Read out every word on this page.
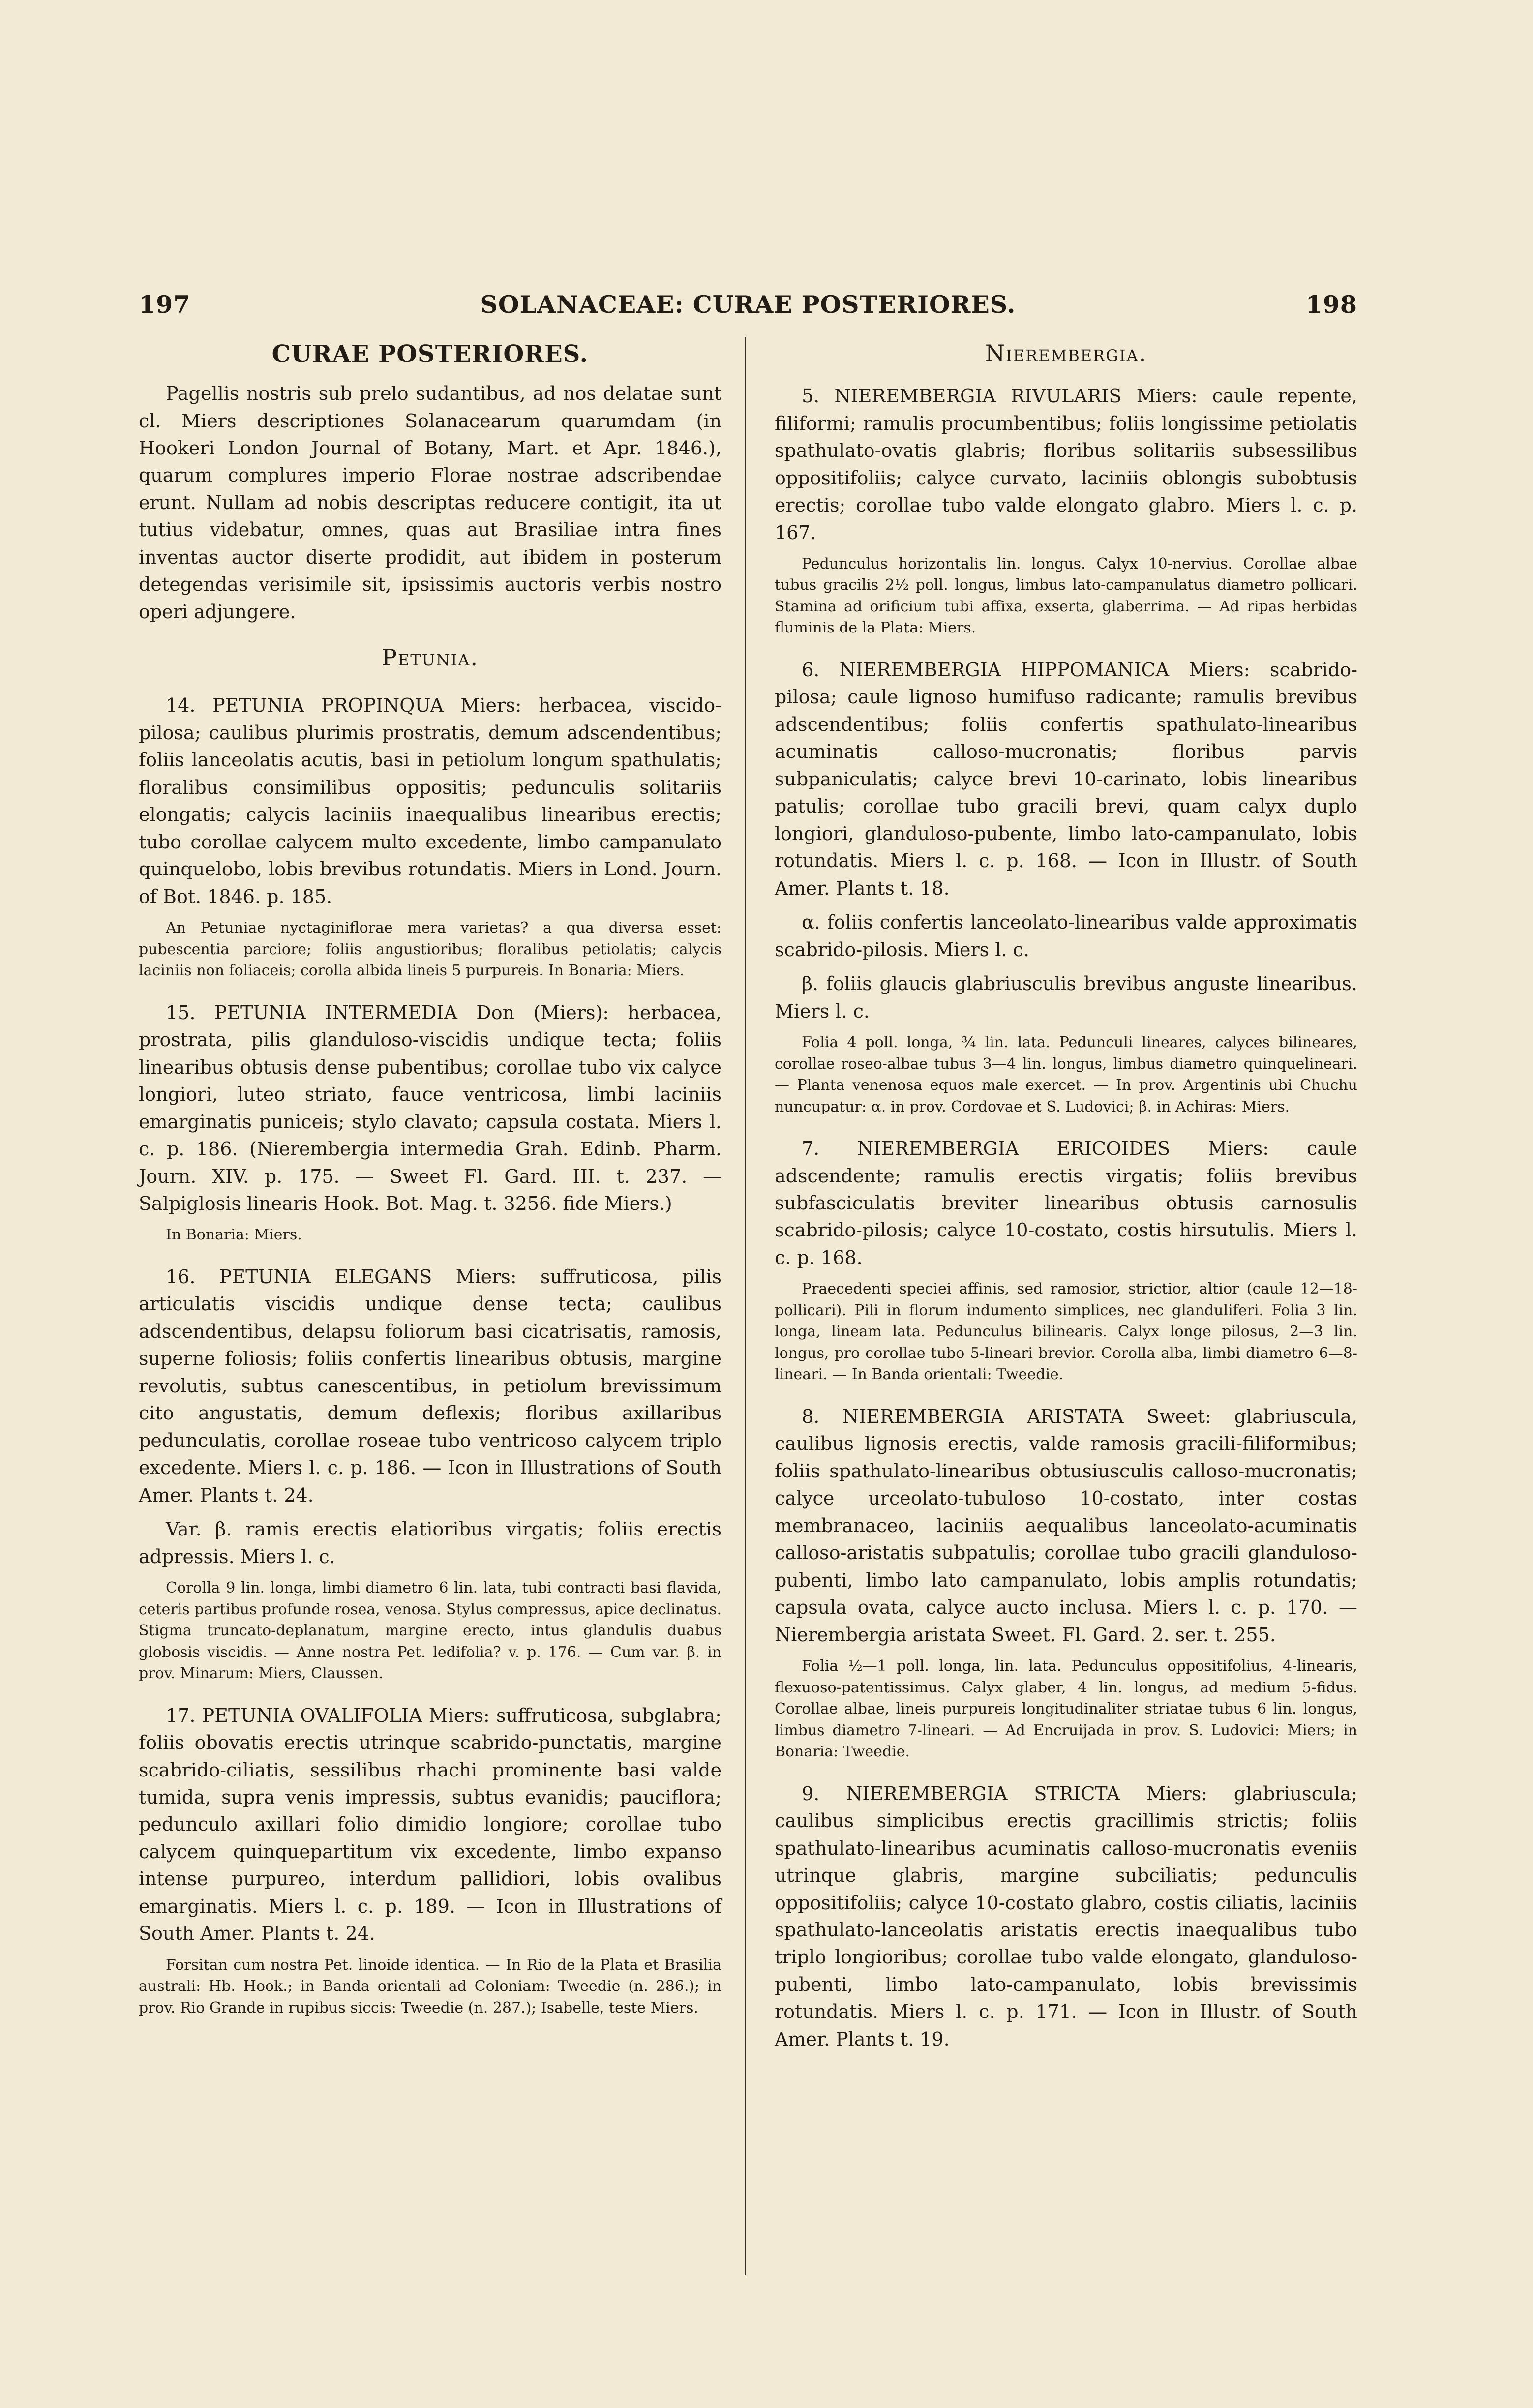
197	SOLANACEAE: CURAE POSTERIORES.	198
CURAE POSTERIORES.

Pagellis nostris sub prelo sudantibus, ad nos delatae sunt cl. Miers descriptiones Solanacearum quarumdam (in Hookeri London Journal of Botany, Mart. et Apr. 1846.), quarum complures imperio Florae nostrae adscribendae erunt. Nullam ad nobis descriptas reducere contigit, ita ut tutius videbatur, omnes, quas aut Brasiliae intra fines inventas auctor diserte prodidit, aut ibidem in posterum detegendas verisimile sit, ipsissimis auctoris verbis nostro operi adjungere.

Petunia.

14. PETUNIA PROPINQUA Miers: herbacea, viscido-pilosa; caulibus plurimis prostratis, demum adscendentibus; foliis lanceolatis acutis, basi in petiolum longum spathulatis; floralibus consimilibus oppositis; pedunculis solitariis elongatis; calycis laciniis inaequalibus linearibus erectis; tubo corollae calycem multo excedente, limbo campanulato quinquelobo, lobis brevibus rotundatis. Miers in Lond. Journ. of Bot. 1846. p. 185.

An Petuniae nyctaginiflorae mera varietas? a qua diversa esset: pubescentia parciore; foliis angustioribus; floralibus petiolatis; calycis laciniis non foliaceis; corolla albida lineis 5 purpureis. In Bonaria: Miers.

15. PETUNIA INTERMEDIA Don (Miers): herbacea, prostrata, pilis glanduloso-viscidis undique tecta; foliis linearibus obtusis dense pubentibus; corollae tubo vix calyce longiori, luteo striato, fauce ventricosa, limbi laciniis emarginatis puniceis; stylo clavato; capsula costata. Miers l. c. p. 186. (Nierembergia intermedia Grah. Edinb. Pharm. Journ. XIV. p. 175. — Sweet Fl. Gard. III. t. 237. — Salpiglosis linearis Hook. Bot. Mag. t. 3256. fide Miers.)

In Bonaria: Miers.

16. PETUNIA ELEGANS Miers: suffruticosa, pilis articulatis viscidis undique dense tecta; caulibus adscendentibus, delapsu foliorum basi cicatrisatis, ramosis, superne foliosis; foliis confertis linearibus obtusis, margine revolutis, subtus canescentibus, in petiolum brevissimum cito angustatis, demum deflexis; floribus axillaribus pedunculatis, corollae roseae tubo ventricoso calycem triplo excedente. Miers l. c. p. 186. — Icon in Illustrations of South Amer. Plants t. 24.

Var. β. ramis erectis elatioribus virgatis; foliis erectis adpressis. Miers l. c.

Corolla 9 lin. longa, limbi diametro 6 lin. lata, tubi contracti basi flavida, ceteris partibus profunde rosea, venosa. Stylus compressus, apice declinatus. Stigma truncato-deplanatum, margine erecto, intus glandulis duabus globosis viscidis. — Anne nostra Pet. ledifolia? v. p. 176. — Cum var. β. in prov. Minarum: Miers, Claussen.

17. PETUNIA OVALIFOLIA Miers: suffruticosa, subglabra; foliis obovatis erectis utrinque scabrido-punctatis, margine scabrido-ciliatis, sessilibus rhachi prominente basi valde tumida, supra venis impressis, subtus evanidis; pauciflora; pedunculo axillari folio dimidio longiore; corollae tubo calycem quinquepartitum vix excedente, limbo expanso intense purpureo, interdum pallidiori, lobis ovalibus emarginatis. Miers l. c. p. 189. — Icon in Illustrations of South Amer. Plants t. 24.

Forsitan cum nostra Pet. linoide identica. — In Rio de la Plata et Brasilia australi: Hb. Hook.; in Banda orientali ad Coloniam: Tweedie (n. 286.); in prov. Rio Grande in rupibus siccis: Tweedie (n. 287.); Isabelle, teste Miers.

Nierembergia.

5. NIEREMBERGIA RIVULARIS Miers: caule repente, filiformi; ramulis procumbentibus; foliis longissime petiolatis spathulato-ovatis glabris; floribus solitariis subsessilibus oppositifoliis; calyce curvato, laciniis oblongis subobtusis erectis; corollae tubo valde elongato glabro. Miers l. c. p. 167.

Pedunculus horizontalis lin. longus. Calyx 10-nervius. Corollae albae tubus gracilis 2½ poll. longus, limbus lato-campanulatus diametro pollicari. Stamina ad orificium tubi affixa, exserta, glaberrima. — Ad ripas herbidas fluminis de la Plata: Miers.

6. NIEREMBERGIA HIPPOMANICA Miers: scabrido-pilosa; caule lignoso humifuso radicante; ramulis brevibus adscendentibus; foliis confertis spathulato-linearibus acuminatis calloso-mucronatis; floribus parvis subpaniculatis; calyce brevi 10-carinato, lobis linearibus patulis; corollae tubo gracili brevi, quam calyx duplo longiori, glanduloso-pubente, limbo lato-campanulato, lobis rotundatis. Miers l. c. p. 168. — Icon in Illustr. of South Amer. Plants t. 18.

α. foliis confertis lanceolato-linearibus valde approximatis scabrido-pilosis. Miers l. c.

β. foliis glaucis glabriusculis brevibus anguste linearibus. Miers l. c.

Folia 4 poll. longa, ¾ lin. lata. Pedunculi lineares, calyces bilineares, corollae roseo-albae tubus 3—4 lin. longus, limbus diametro quinquelineari. — Planta venenosa equos male exercet. — In prov. Argentinis ubi Chuchu nuncupatur: α. in prov. Cordovae et S. Ludovici; β. in Achiras: Miers.

7. NIEREMBERGIA ERICOIDES Miers: caule adscendente; ramulis erectis virgatis; foliis brevibus subfasciculatis breviter linearibus obtusis carnosulis scabrido-pilosis; calyce 10-costato, costis hirsutulis. Miers l. c. p. 168.

Praecedenti speciei affinis, sed ramosior, strictior, altior (caule 12—18-pollicari). Pili in florum indumento simplices, nec glanduliferi. Folia 3 lin. longa, lineam lata. Pedunculus bilinearis. Calyx longe pilosus, 2—3 lin. longus, pro corollae tubo 5-lineari brevior. Corolla alba, limbi diametro 6—8-lineari. — In Banda orientali: Tweedie.

8. NIEREMBERGIA ARISTATA Sweet: glabriuscula, caulibus lignosis erectis, valde ramosis gracili-filiformibus; foliis spathulato-linearibus obtusiusculis calloso-mucronatis; calyce urceolato-tubuloso 10-costato, inter costas membranaceo, laciniis aequalibus lanceolato-acuminatis calloso-aristatis subpatulis; corollae tubo gracili glanduloso-pubenti, limbo lato campanulato, lobis amplis rotundatis; capsula ovata, calyce aucto inclusa. Miers l. c. p. 170. — Nierembergia aristata Sweet. Fl. Gard. 2. ser. t. 255.

Folia ½—1 poll. longa, lin. lata. Pedunculus oppositifolius, 4-linearis, flexuoso-patentissimus. Calyx glaber, 4 lin. longus, ad medium 5-fidus. Corollae albae, lineis purpureis longitudinaliter striatae tubus 6 lin. longus, limbus diametro 7-lineari. — Ad Encruijada in prov. S. Ludovici: Miers; in Bonaria: Tweedie.

9. NIEREMBERGIA STRICTA Miers: glabriuscula; caulibus simplicibus erectis gracillimis strictis; foliis spathulato-linearibus acuminatis calloso-mucronatis eveniis utrinque glabris, margine subciliatis; pedunculis oppositifoliis; calyce 10-costato glabro, costis ciliatis, laciniis spathulato-lanceolatis aristatis erectis inaequalibus tubo triplo longioribus; corollae tubo valde elongato, glanduloso-pubenti, limbo lato-campanulato, lobis brevissimis rotundatis. Miers l. c. p. 171. — Icon in Illustr. of South Amer. Plants t. 19.
